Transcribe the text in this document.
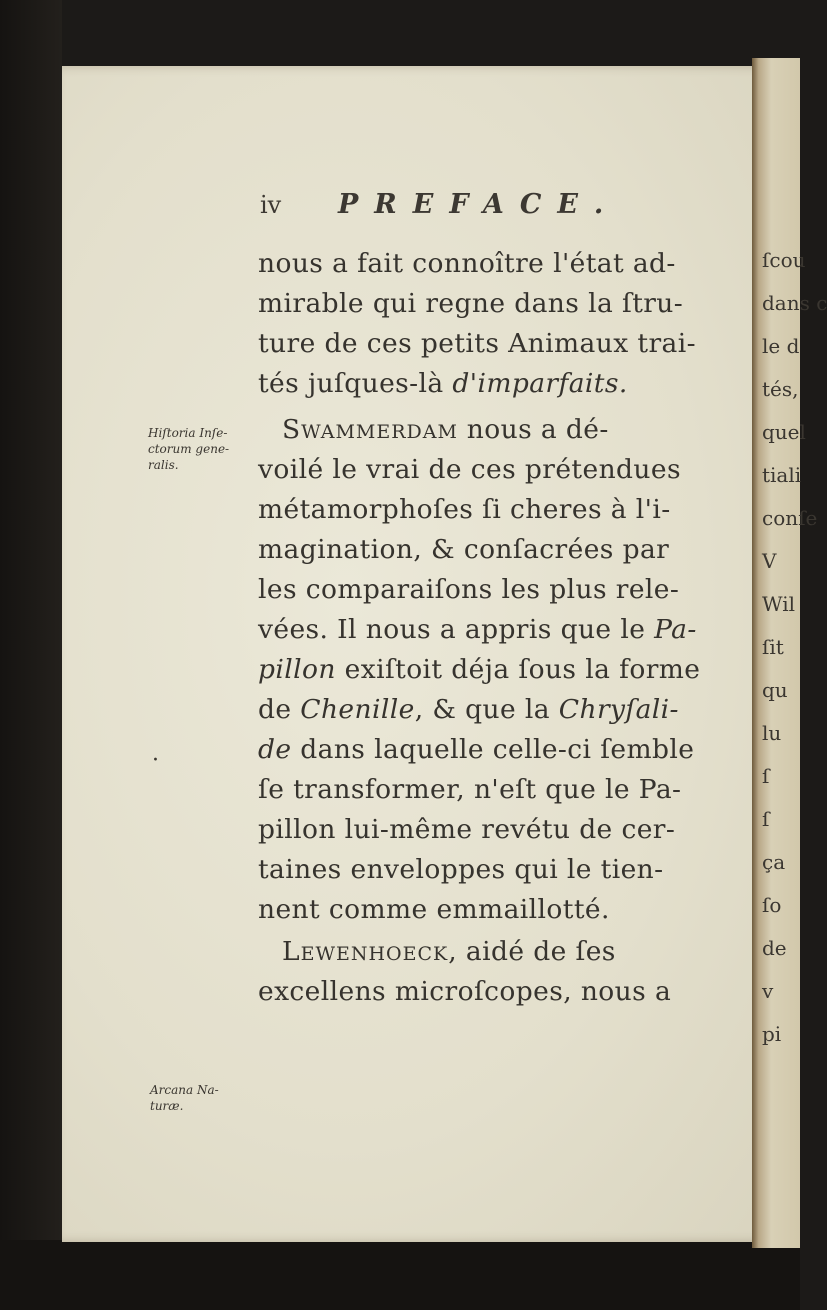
ſcou
dans c
le d
tés,
quel
tiali
conſe
V
Wil
ſit
qu
lu
ſ
ſ
ça
ſo
de
v
pi
iv PREFACE.
Hiſtoria Inſe-
ctorum gene-
ralis.
Arcana Na-
turæ.
nous a fait connoître l'état ad-
mirable qui regne dans la ſtru-
ture de ces petits Animaux trai-
tés juſques-là d'imparfaits.
Swammerdam nous a dé-
voilé le vrai de ces prétendues
métamorphoſes ſi cheres à l'i-
magination, & conſacrées par
les comparaiſons les plus rele-
vées. Il nous a appris que le Pa-
pillon exiſtoit déja ſous la forme
de Chenille, & que la Chryſali-
de dans laquelle celle-ci ſemble
ſe transformer, n'eſt que le Pa-
pillon lui-même revétu de cer-
taines enveloppes qui le tien-
nent comme emmaillotté.
Lewenhoeck, aidé de ſes
excellens microſcopes, nous a
·
